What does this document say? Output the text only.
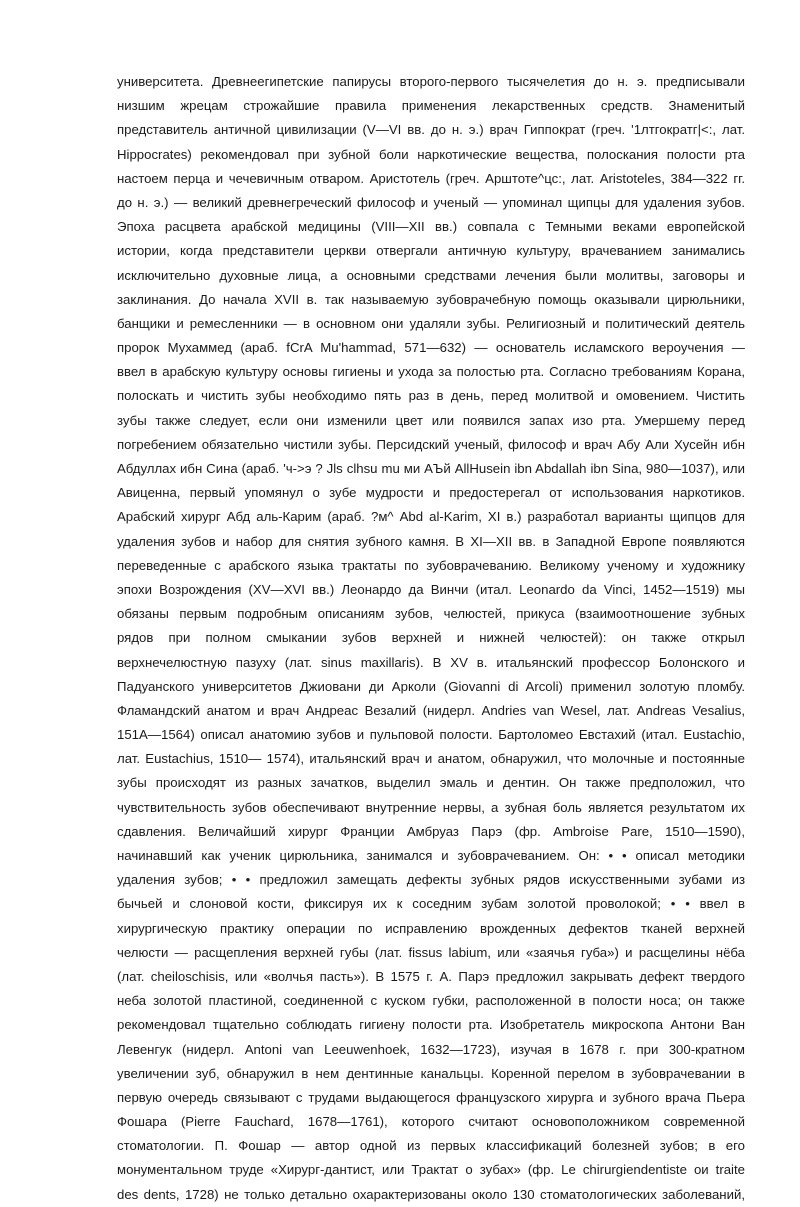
университета. Древнеегипетские папирусы второго-первого тысячелетия до н. э. предписывали
низшим жрецам строжайшие правила применения лекарственных средств. Знаменитый
представитель античной цивилизации (V—VI вв. до н. э.) врач Гиппократ (греч. '1лтгократг|<:, лат.
Hippocrates) рекомендовал при зубной боли наркотические вещества, полоскания полости рта
настоем перца и чечевичным отваром. Аристотель (греч. Арштоте^цс:, лат. Aristoteles, 384—322 гг.
до н. э.) — великий древнегреческий философ и ученый — упоминал щипцы для удаления зубов.
Эпоха расцвета арабской медицины (VIII—XII вв.) совпала с Темными веками европейской
истории, когда представители церкви отвергали античную культуру, врачеванием занимались
исключительно духовные лица, а основными средствами лечения были молитвы, заговоры и
заклинания. До начала XVII в. так называемую зубоврачебную помощь оказывали цирюльники,
банщики и ремесленники — в основном они удаляли зубы. Религиозный и политический деятель
пророк Мухаммед (араб. fCrA Mu'hammad, 571—632) — основатель исламского вероучения —
ввел в арабскую культуру основы гигиены и ухода за полостью рта. Согласно требованиям Корана,
полоскать и чистить зубы необходимо пять раз в день, перед молитвой и омовением. Чистить
зубы также следует, если они изменили цвет или появился запах изо рта. Умершему перед
погребением обязательно чистили зубы. Персидский ученый, философ и врач Абу Али Хусейн ибн
Абдуллах ибн Сина (араб. 'ч->э ? Jls clhsu mu ми АЪй AllHusein ibn Abdallah ibn Sina, 980—1037), или
Авиценна, первый упомянул о зубе мудрости и предостерегал от использования наркотиков.
Арабский хирург Абд аль-Карим (араб. ?м^ Abd al-Karim, XI в.) разработал варианты щипцов для
удаления зубов и набор для снятия зубного камня. В XI—XII вв. в Западной Европе появляются
переведенные с арабского языка трактаты по зубоврачеванию. Великому ученому и художнику
эпохи Возрождения (XV—XVI вв.) Леонардо да Винчи (итал. Leonardo da Vinci, 1452—1519) мы
обязаны первым подробным описаниям зубов, челюстей, прикуса (взаимоотношение зубных
рядов при полном смыкании зубов верхней и нижней челюстей): он также открыл
верхнечелюстную пазуху (лат. sinus maxillaris). В XV в. итальянский профессор Болонского и
Падуанского университетов Джиовани ди Арколи (Giovanni di Arcoli) применил золотую пломбу.
Фламандский анатом и врач Андреас Везалий (нидерл. Andries van Wesel, лат. Andreas Vesalius,
151А—1564) описал анатомию зубов и пульповой полости. Бартоломео Евстахий (итал. Eustachio,
лат. Eustachius, 1510— 1574), итальянский врач и анатом, обнаружил, что молочные и постоянные
зубы происходят из разных зачатков, выделил эмаль и дентин. Он также предположил, что
чувствительность зубов обеспечивают внутренние нервы, а зубная боль является результатом их
сдавления. Величайший хирург Франции Амбруаз Парэ (фр. Ambroise Pare, 1510—1590),
начинавший как ученик цирюльника, занимался и зубоврачеванием. Он: • • описал методики
удаления зубов; • • предложил замещать дефекты зубных рядов искусственными зубами из
бычьей и слоновой кости, фиксируя их к соседним зубам золотой проволокой; • • ввел в
хирургическую практику операции по исправлению врожденных дефектов тканей верхней
челюсти — расщепления верхней губы (лат. fissus labium, или «заячья губа») и расщелины нёба
(лат. cheiloschisis, или «волчья пасть»). В 1575 г. А. Парэ предложил закрывать дефект твердого
неба золотой пластиной, соединенной с куском губки, расположенной в полости носа; он также
рекомендовал тщательно соблюдать гигиену полости рта. Изобретатель микроскопа Антони Ван
Левенгук (нидерл. Antoni van Leeuwenhoek, 1632—1723), изучая в 1678 г. при 300-кратном
увеличении зуб, обнаружил в нем дентинные канальцы. Коренной перелом в зубоврачевании в
первую очередь связывают с трудами выдающегося французского хирурга и зубного врача Пьера
Фошара (Pierre Fauchard, 1678—1761), которого считают основоположником современной
стоматологии. П. Фошар — автор одной из первых классификаций болезней зубов; в его
монументальном труде «Хирург-дантист, или Трактат о зубах» (фр. Le chirurgiendentiste ои traite
des dents, 1728) не только детально охарактеризованы около 130 стоматологических заболеваний,
